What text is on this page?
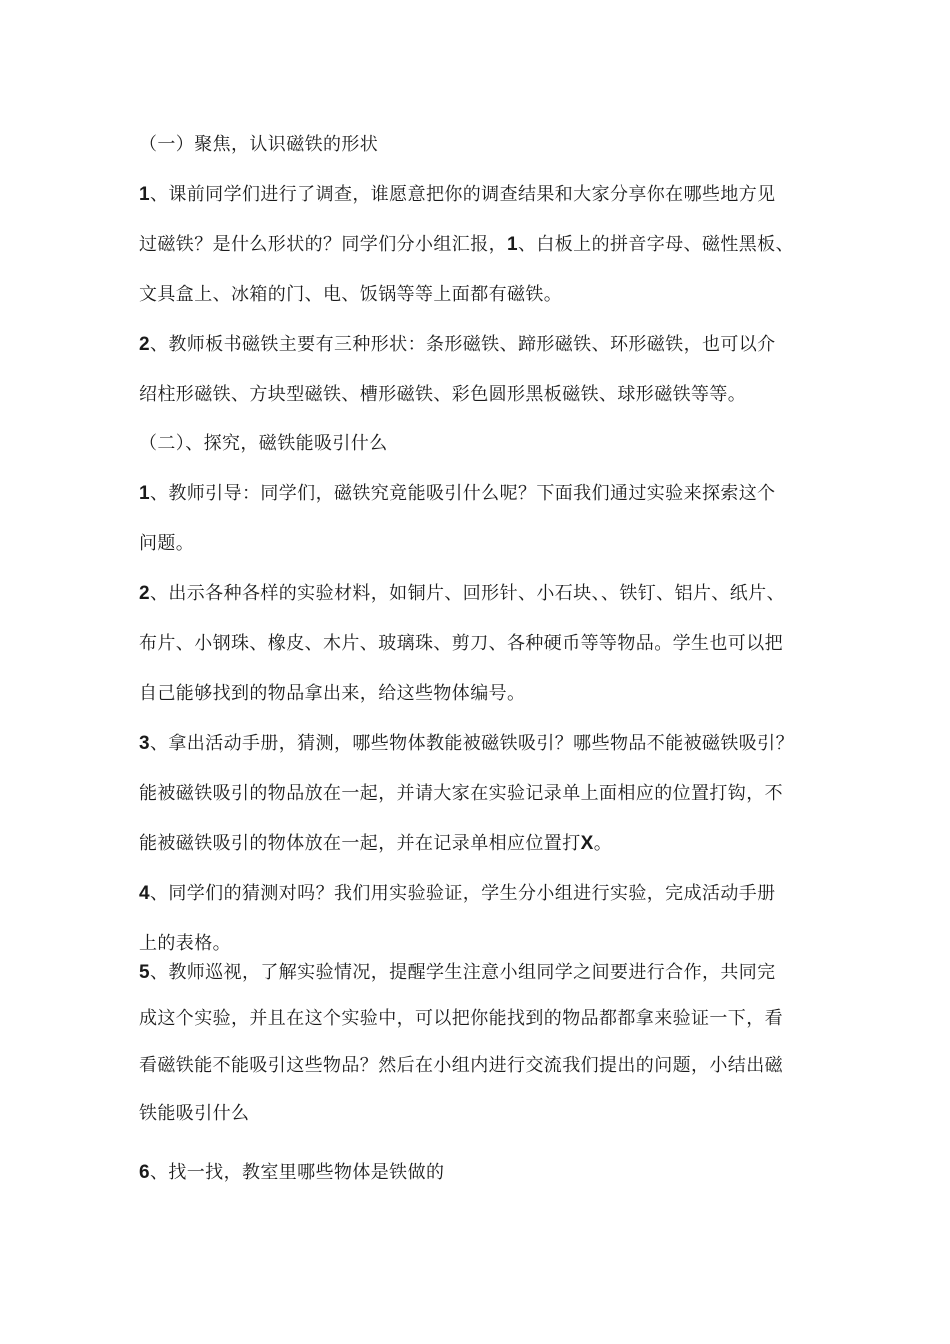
（一）聚焦，认识磁铁的形状
1、课前同学们进行了调查，谁愿意把你的调查结果和大家分享你在哪些地方见
过磁铁？是什么形状的？同学们分小组汇报，1、白板上的拼音字母、磁性黑板、
文具盒上、冰箱的门、电、饭锅等等上面都有磁铁。
2、教师板书磁铁主要有三种形状：条形磁铁、蹄形磁铁、环形磁铁，也可以介
绍柱形磁铁、方块型磁铁、槽形磁铁、彩色圆形黑板磁铁、球形磁铁等等。
（二）、探究，磁铁能吸引什么
1、教师引导：同学们，磁铁究竟能吸引什么呢？下面我们通过实验来探索这个
问题。
2、出示各种各样的实验材料，如铜片、回形针、小石块、、铁钉、铝片、纸片、
布片、小钢珠、橡皮、木片、玻璃珠、剪刀、各种硬币等等物品。学生也可以把
自己能够找到的物品拿出来，给这些物体编号。
3、拿出活动手册，猜测，哪些物体教能被磁铁吸引？哪些物品不能被磁铁吸引？
能被磁铁吸引的物品放在一起，并请大家在实验记录单上面相应的位置打钩，不
能被磁铁吸引的物体放在一起，并在记录单相应位置打X。
4、同学们的猜测对吗？我们用实验验证，学生分小组进行实验，完成活动手册
上的表格。
5、教师巡视，了解实验情况，提醒学生注意小组同学之间要进行合作，共同完
成这个实验，并且在这个实验中，可以把你能找到的物品都都拿来验证一下，看
看磁铁能不能吸引这些物品？然后在小组内进行交流我们提出的问题，小结出磁
铁能吸引什么
6、找一找，教室里哪些物体是铁做的
